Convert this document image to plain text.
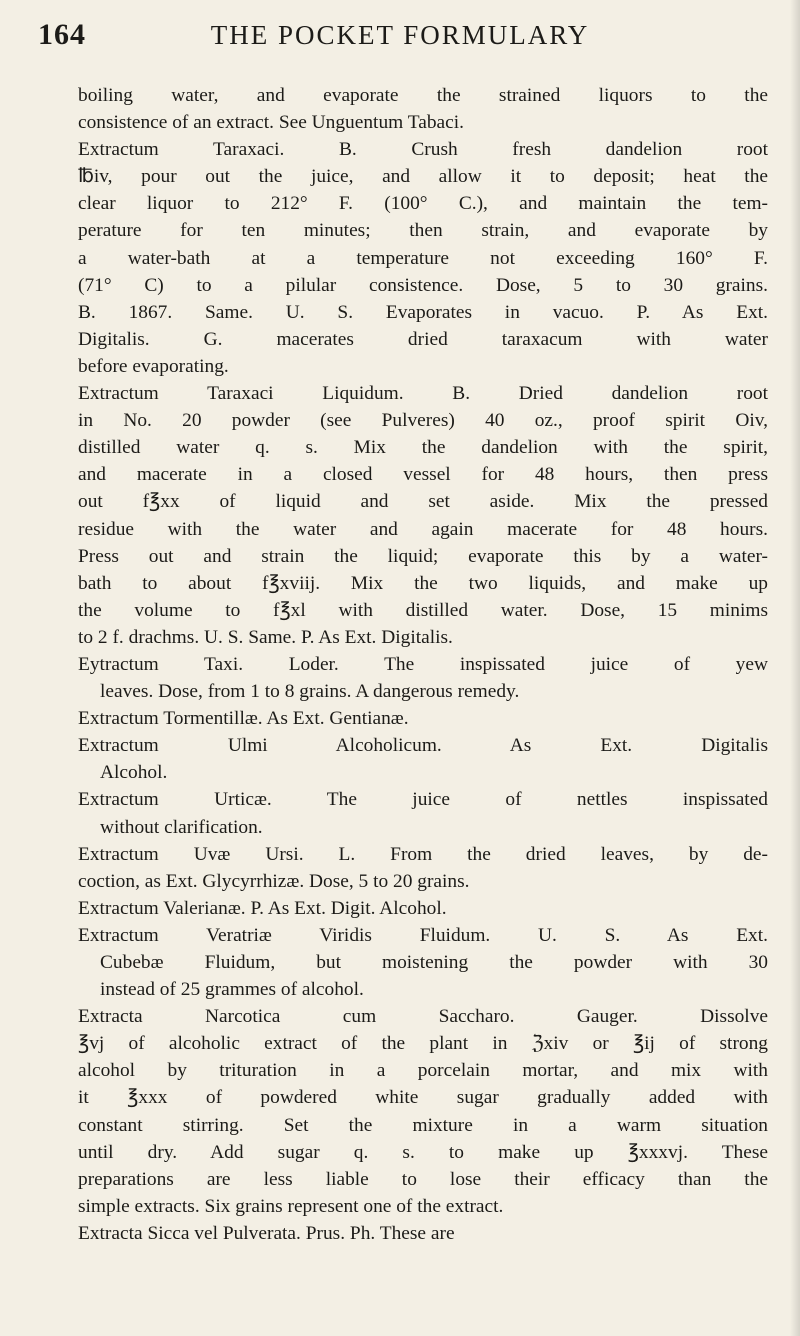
164	THE POCKET FORMULARY
boiling water, and evaporate the strained liquors to the
consistence of an extract. See Unguentum Tabaci.
Extractum Taraxaci. B. Crush fresh dandelion root
℔iv, pour out the juice, and allow it to deposit; heat the
clear liquor to 212° F. (100° C.), and maintain the tem-
perature for ten minutes; then strain, and evaporate by
a water-bath at a temperature not exceeding 160° F.
(71° C) to a pilular consistence. Dose, 5 to 30 grains.
B. 1867. Same. U. S. Evaporates in vacuo. P. As Ext.
Digitalis. G. macerates dried taraxacum with water
before evaporating.
Extractum Taraxaci Liquidum. B. Dried dandelion root
in No. 20 powder (see Pulveres) 40 oz., proof spirit Oiv,
distilled water q. s. Mix the dandelion with the spirit,
and macerate in a closed vessel for 48 hours, then press
out f℥xx of liquid and set aside. Mix the pressed
residue with the water and again macerate for 48 hours.
Press out and strain the liquid; evaporate this by a water-
bath to about f℥xviij. Mix the two liquids, and make up
the volume to f℥xl with distilled water. Dose, 15 minims
to 2 f. drachms. U. S. Same. P. As Ext. Digitalis.
Eytractum Taxi. Loder. The inspissated juice of yew
leaves. Dose, from 1 to 8 grains. A dangerous remedy.
Extractum Tormentillæ. As Ext. Gentianæ.
Extractum Ulmi Alcoholicum. As Ext. Digitalis
Alcohol.
Extractum Urticæ. The juice of nettles inspissated
without clarification.
Extractum Uvæ Ursi. L. From the dried leaves, by de-
coction, as Ext. Glycyrrhizæ. Dose, 5 to 20 grains.
Extractum Valerianæ. P. As Ext. Digit. Alcohol.
Extractum Veratriæ Viridis Fluidum. U. S. As Ext.
Cubebæ Fluidum, but moistening the powder with 30
instead of 25 grammes of alcohol.
Extracta Narcotica cum Saccharo. Gauger. Dissolve
℥vj of alcoholic extract of the plant in ℨxiv or ℥ij of strong
alcohol by trituration in a porcelain mortar, and mix with
it ℥xxx of powdered white sugar gradually added with
constant stirring. Set the mixture in a warm situation
until dry. Add sugar q. s. to make up ℥xxxvj. These
preparations are less liable to lose their efficacy than the
simple extracts. Six grains represent one of the extract.
Extracta Sicca vel Pulverata. Prus. Ph. These are
